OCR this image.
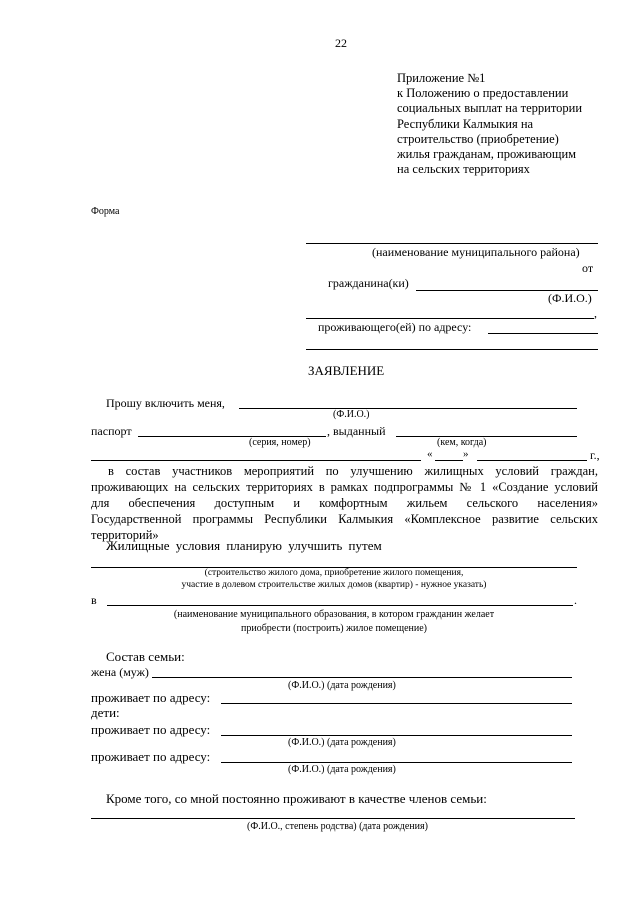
22
Приложение №1
к Положению о предоставлении
социальных выплат на территории
Республики Калмыкия на
строительство (приобретение)
жилья гражданам, проживающим
на сельских территориях
Форма
(наименование муниципального района)
от
гражданина(ки)
(Ф.И.О.)
,
проживающего(ей) по адресу:
ЗАЯВЛЕНИЕ
Прошу включить меня,
(Ф.И.О.)
паспорт	, выданный
(серия, номер)	(кем, когда)
«	»	г.,
в состав участников мероприятий по улучшению жилищных условий граждан,
проживающих на сельских территориях в рамках подпрограммы № 1 «Создание условий
для обеспечения доступным и комфортным жильем сельского населения»
Государственной программы Республики Калмыкия «Комплексное развитие сельских
территорий»
Жилищные условия планирую улучшить путем
(строительство жилого дома, приобретение жилого помещения,
участие в долевом строительстве жилых домов (квартир) - нужное указать)
в	.
(наименование муниципального образования, в котором гражданин желает
приобрести (построить) жилое помещение)
Состав семьи:
жена (муж)
(Ф.И.О.) (дата рождения)
проживает по адресу:
дети:
проживает по адресу:
(Ф.И.О.) (дата рождения)
проживает по адресу:
(Ф.И.О.) (дата рождения)
Кроме того, со мной постоянно проживают в качестве членов семьи:
(Ф.И.О., степень родства) (дата рождения)
